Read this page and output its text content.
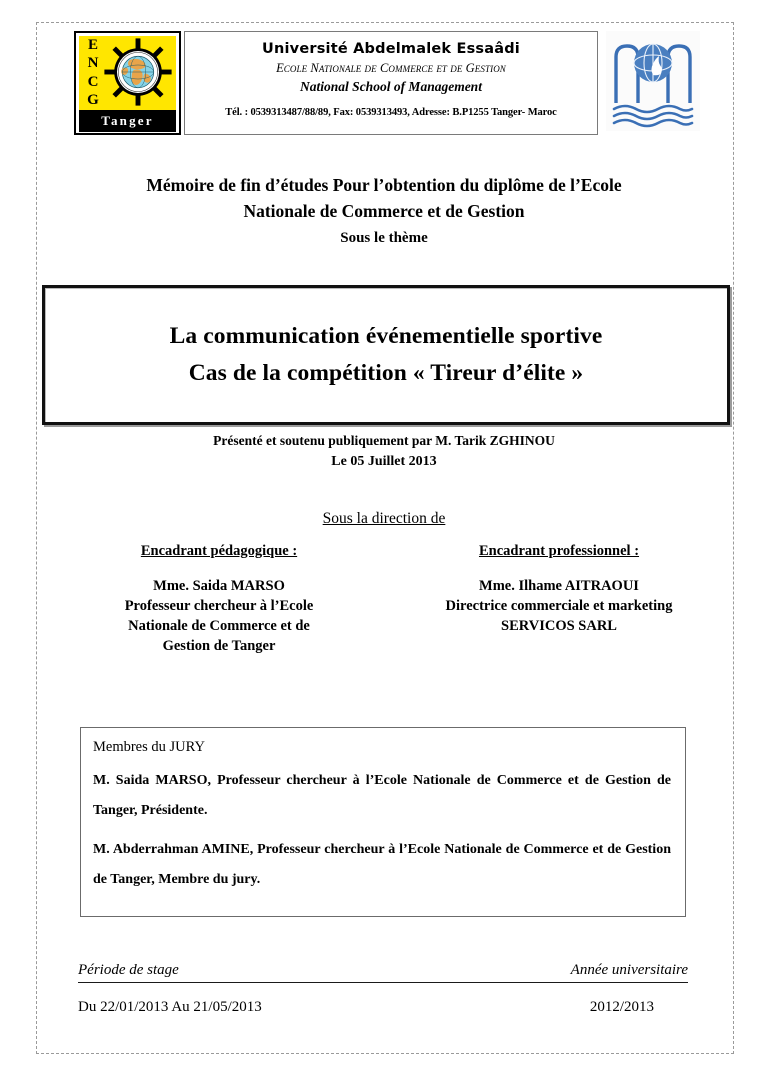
E
N
C
G
Tanger
Université Abdelmalek Essaâdi
Ecole Nationale de Commerce et de Gestion
National School of Management
Tél. : 0539313487/88/89, Fax: 0539313493, Adresse: B.P1255 Tanger- Maroc
Mémoire de fin d’études Pour l’obtention du diplôme de l’Ecole
Nationale de Commerce et de Gestion
Sous le thème
La communication événementielle sportive
Cas de la compétition « Tireur d’élite »
Présenté et soutenu publiquement par M. Tarik ZGHINOU
Le 05 Juillet 2013
Sous la direction de
Encadrant pédagogique :
Mme. Saida MARSO
Professeur chercheur à l’Ecole
Nationale de Commerce et de
Gestion de Tanger
Encadrant professionnel :
Mme. Ilhame AITRAOUI
Directrice commerciale et marketing
SERVICOS SARL
Membres du JURY
M. Saida MARSO, Professeur chercheur à l’Ecole Nationale de Commerce et de Gestion de Tanger, Présidente.
M. Abderrahman AMINE, Professeur chercheur à l’Ecole Nationale de Commerce et de Gestion de Tanger, Membre du jury.
Période de stage	Année universitaire
Du 22/01/2013 Au 21/05/2013	2012/2013
